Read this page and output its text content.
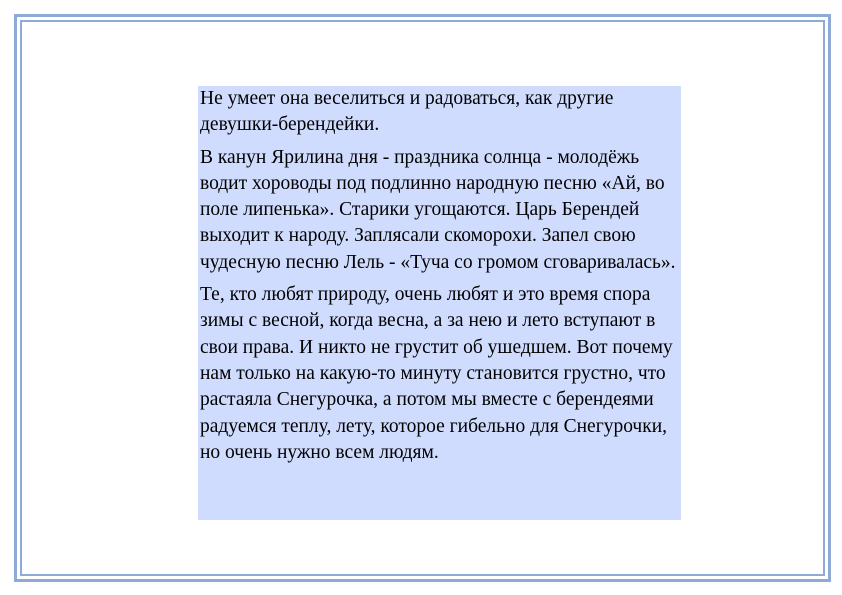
Не умеет она веселиться и радоваться, как другие девушки-берендейки.

В канун Ярилина дня - праздника солнца - молодёжь водит хороводы под подлинно народную песню «Ай, во поле липенька». Старики угощаются. Царь Берендей выходит к народу. Заплясали скоморохи. Запел свою чудесную песню Лель - «Туча со громом сговаривалась».

Те, кто любят природу, очень любят и это время спора зимы с весной, когда весна, а за нею и лето вступают в свои права. И никто не грустит об ушедшем. Вот почему нам только на какую-то минуту становится грустно, что растаяла Снегурочка, а потом мы вместе с берендеями радуемся теплу, лету, которое гибельно для Снегурочки, но очень нужно всем людям.
